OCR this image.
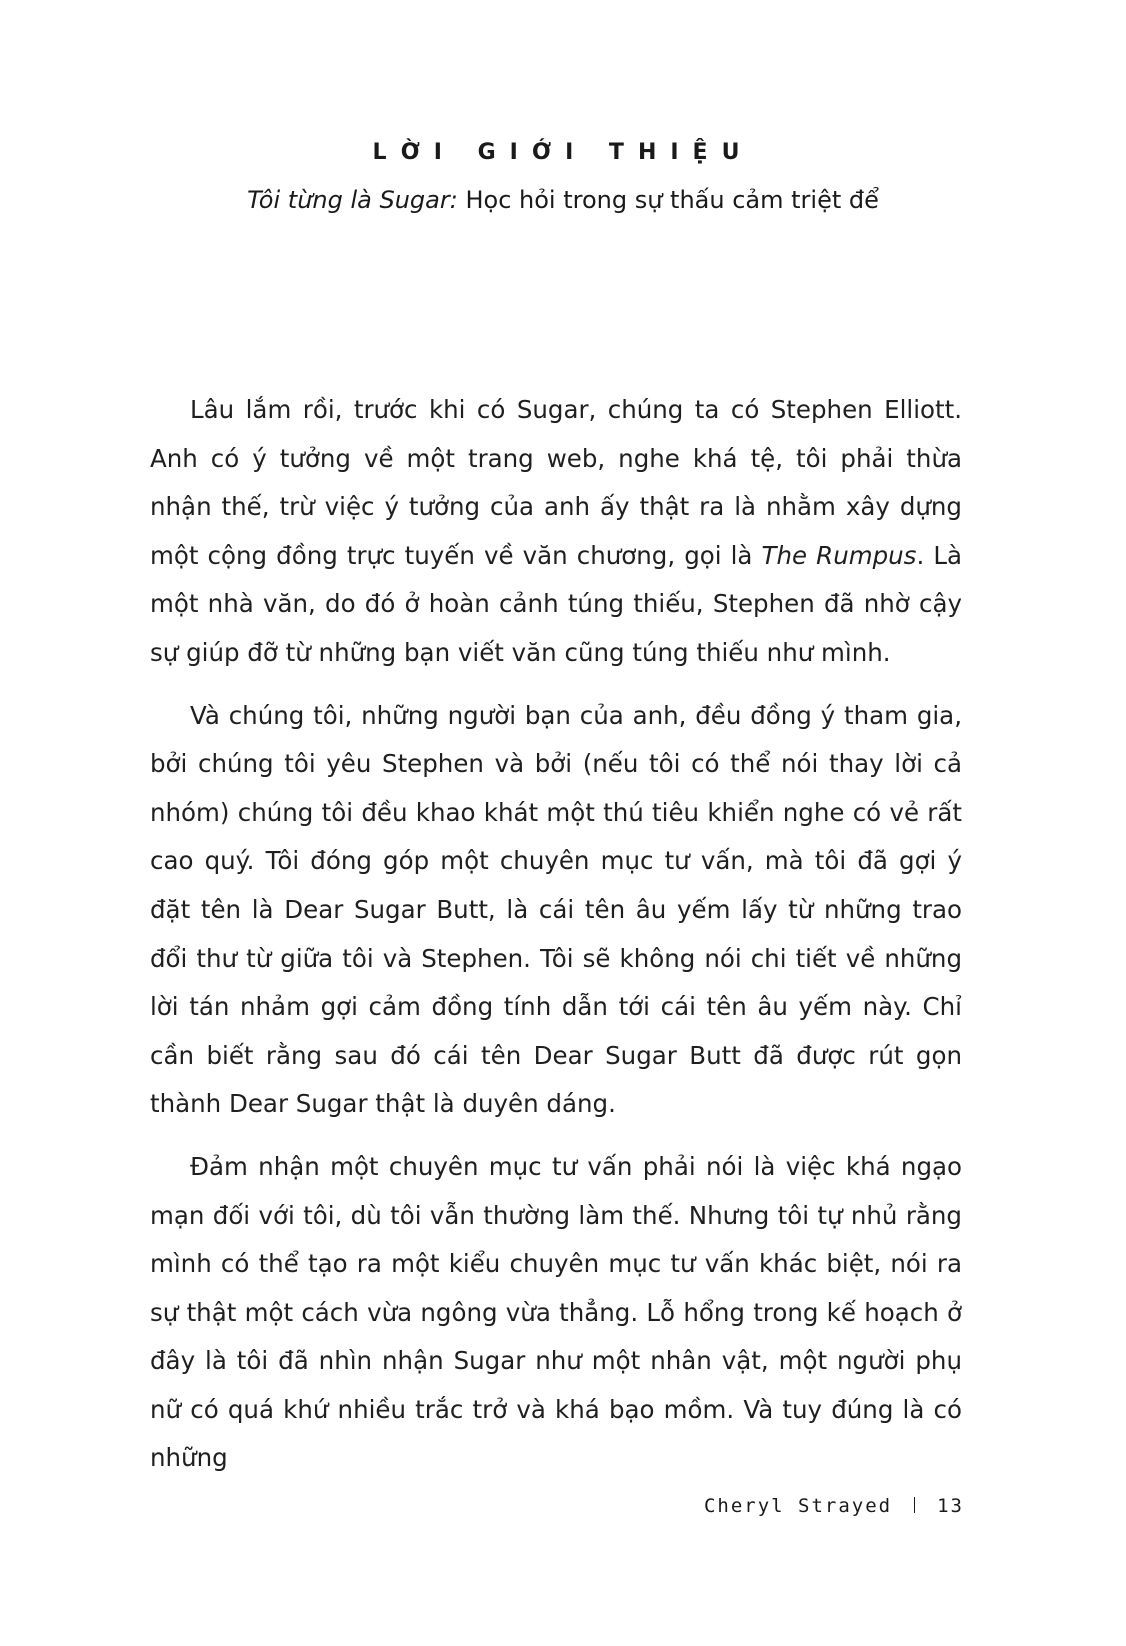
LỜI GIỚI THIỆU
Tôi từng là Sugar: Học hỏi trong sự thấu cảm triệt để

Lâu lắm rồi, trước khi có Sugar, chúng ta có Stephen Elliott. Anh có ý tưởng về một trang web, nghe khá tệ, tôi phải thừa nhận thế, trừ việc ý tưởng của anh ấy thật ra là nhằm xây dựng một cộng đồng trực tuyến về văn chương, gọi là The Rumpus. Là một nhà văn, do đó ở hoàn cảnh túng thiếu, Stephen đã nhờ cậy sự giúp đỡ từ những bạn viết văn cũng túng thiếu như mình.

Và chúng tôi, những người bạn của anh, đều đồng ý tham gia, bởi chúng tôi yêu Stephen và bởi (nếu tôi có thể nói thay lời cả nhóm) chúng tôi đều khao khát một thú tiêu khiển nghe có vẻ rất cao quý. Tôi đóng góp một chuyên mục tư vấn, mà tôi đã gợi ý đặt tên là Dear Sugar Butt, là cái tên âu yếm lấy từ những trao đổi thư từ giữa tôi và Stephen. Tôi sẽ không nói chi tiết về những lời tán nhảm gợi cảm đồng tính dẫn tới cái tên âu yếm này. Chỉ cần biết rằng sau đó cái tên Dear Sugar Butt đã được rút gọn thành Dear Sugar thật là duyên dáng.

Đảm nhận một chuyên mục tư vấn phải nói là việc khá ngạo mạn đối với tôi, dù tôi vẫn thường làm thế. Nhưng tôi tự nhủ rằng mình có thể tạo ra một kiểu chuyên mục tư vấn khác biệt, nói ra sự thật một cách vừa ngông vừa thẳng. Lỗ hổng trong kế hoạch ở đây là tôi đã nhìn nhận Sugar như một nhân vật, một người phụ nữ có quá khứ nhiều trắc trở và khá bạo mồm. Và tuy đúng là có những

Cheryl Strayed 13
